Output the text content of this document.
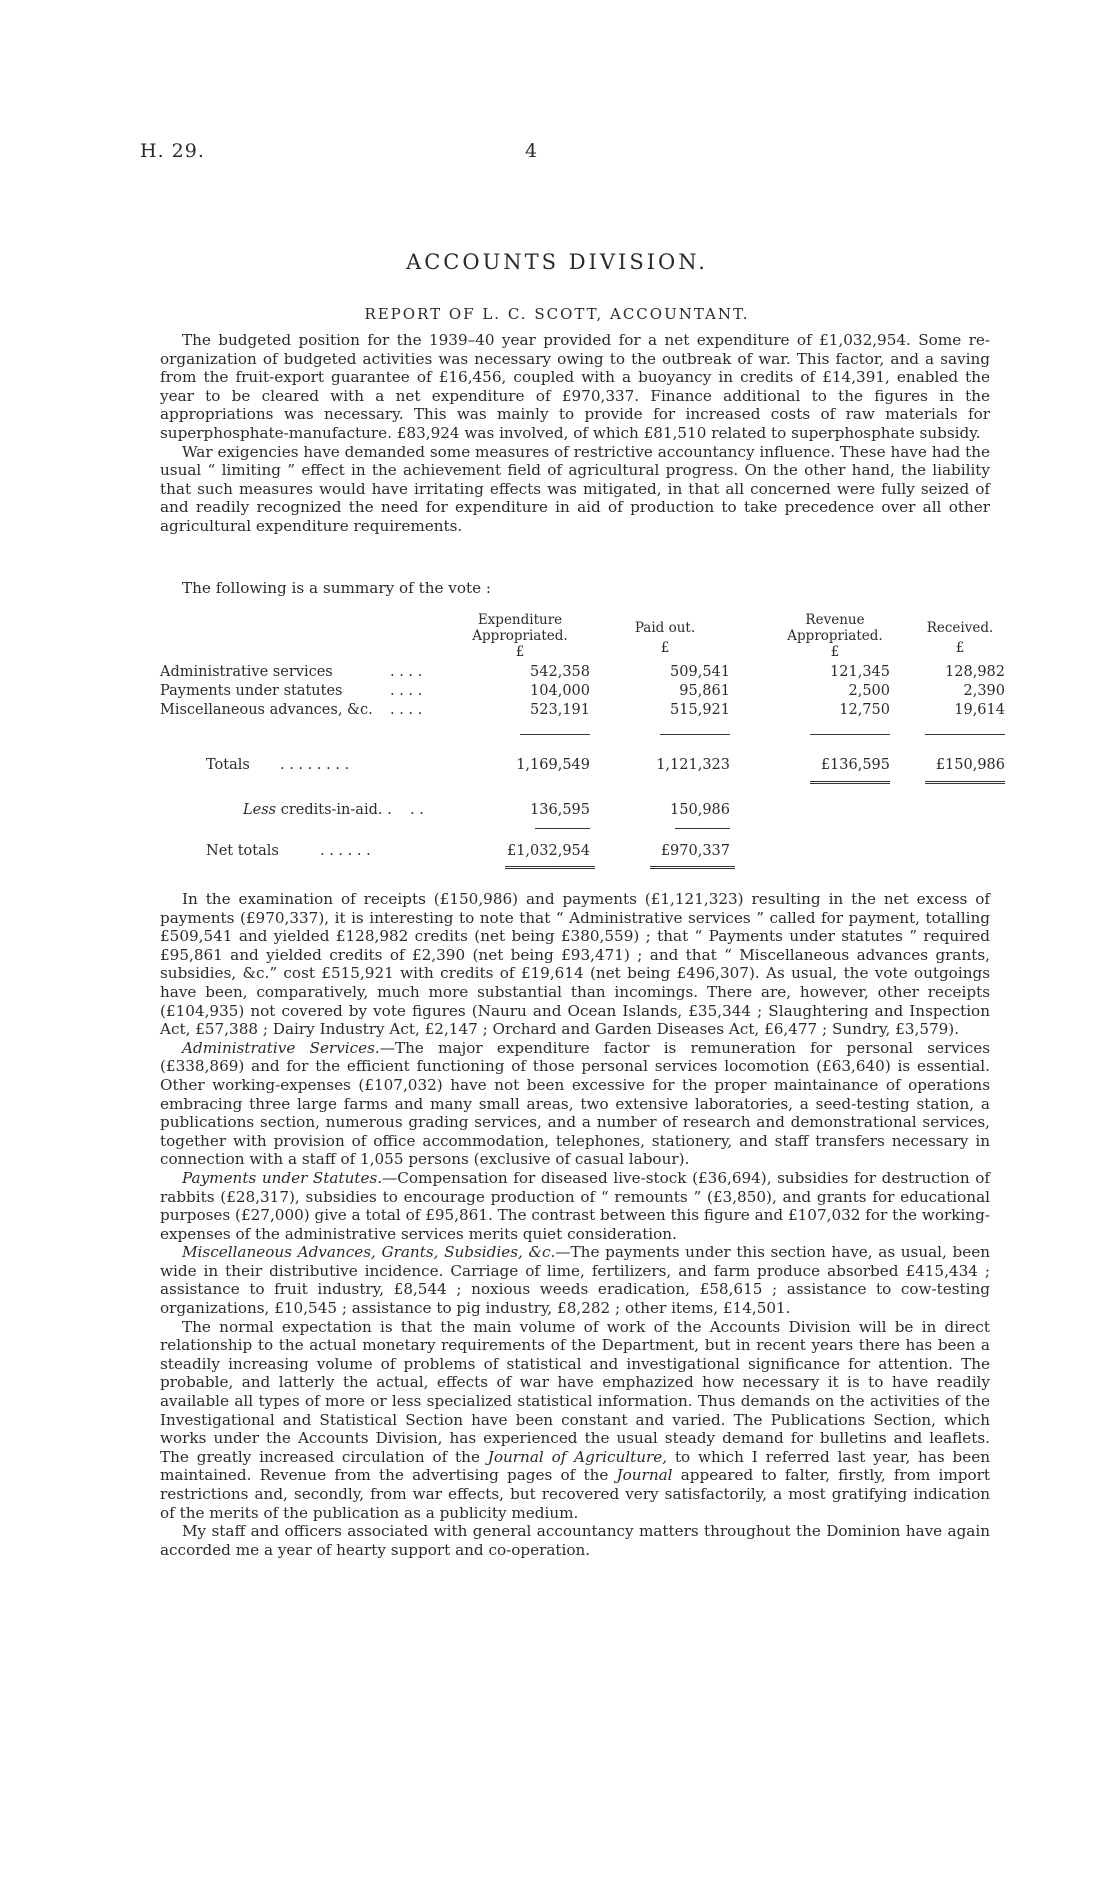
H. 29.	4
ACCOUNTS DIVISION.
REPORT OF L. C. SCOTT, ACCOUNTANT.

The budgeted position for the 1939–40 year provided for a net expenditure of £1,032,954. Some re-organization of budgeted activities was necessary owing to the outbreak of war. This factor, and a saving from the fruit-export guarantee of £16,456, coupled with a buoyancy in credits of £14,391, enabled the year to be cleared with a net expenditure of £970,337. Finance additional to the figures in the appropriations was necessary. This was mainly to provide for increased costs of raw materials for superphosphate-manufacture. £83,924 was involved, of which £81,510 related to superphosphate subsidy.

War exigencies have demanded some measures of restrictive accountancy influence. These have had the usual “ limiting ” effect in the achievement field of agricultural progress. On the other hand, the liability that such measures would have irritating effects was mitigated, in that all concerned were fully seized of and readily recognized the need for expenditure in aid of production to take precedence over all other agricultural expenditure requirements.

The following is a summary of the vote :
Expenditure
Appropriated.
£
Paid out.
£
Revenue
Appropriated.
£
Received.
£
Administrative services	. . . .	542,358	509,541	121,345	128,982
Payments under statutes	. . . .	104,000	95,861	2,500	2,390
Miscellaneous advances, &c. . . . .	523,191	515,921	12,750	19,614
Totals . . . . . . . .	1,169,549	1,121,323	£136,595	£150,986
Less credits-in-aid. . . .	136,595	150,986
Net totals	. . . . . .	£1,032,954	£970,337

In the examination of receipts (£150,986) and payments (£1,121,323) resulting in the net excess of payments (£970,337), it is interesting to note that “ Administrative services ” called for payment, totalling £509,541 and yielded £128,982 credits (net being £380,559) ; that “ Payments under statutes ” required £95,861 and yielded credits of £2,390 (net being £93,471) ; and that “ Miscellaneous advances grants, subsidies, &c.” cost £515,921 with credits of £19,614 (net being £496,307). As usual, the vote outgoings have been, comparatively, much more substantial than incomings. There are, however, other receipts (£104,935) not covered by vote figures (Nauru and Ocean Islands, £35,344 ; Slaughtering and Inspection Act, £57,388 ; Dairy Industry Act, £2,147 ; Orchard and Garden Diseases Act, £6,477 ; Sundry, £3,579).

Administrative Services.—The major expenditure factor is remuneration for personal services (£338,869) and for the efficient functioning of those personal services locomotion (£63,640) is essential. Other working-expenses (£107,032) have not been excessive for the proper maintainance of operations embracing three large farms and many small areas, two extensive laboratories, a seed-testing station, a publications section, numerous grading services, and a number of research and demonstrational services, together with provision of office accommodation, telephones, stationery, and staff transfers necessary in connection with a staff of 1,055 persons (exclusive of casual labour).

Payments under Statutes.—Compensation for diseased live-stock (£36,694), subsidies for destruction of rabbits (£28,317), subsidies to encourage production of “ remounts ” (£3,850), and grants for educational purposes (£27,000) give a total of £95,861. The contrast between this figure and £107,032 for the working-expenses of the administrative services merits quiet consideration.

Miscellaneous Advances, Grants, Subsidies, &c.—The payments under this section have, as usual, been wide in their distributive incidence. Carriage of lime, fertilizers, and farm produce absorbed £415,434 ; assistance to fruit industry, £8,544 ; noxious weeds eradication, £58,615 ; assistance to cow-testing organizations, £10,545 ; assistance to pig industry, £8,282 ; other items, £14,501.

The normal expectation is that the main volume of work of the Accounts Division will be in direct relationship to the actual monetary requirements of the Department, but in recent years there has been a steadily increasing volume of problems of statistical and investigational significance for attention. The probable, and latterly the actual, effects of war have emphazized how necessary it is to have readily available all types of more or less specialized statistical information. Thus demands on the activities of the Investigational and Statistical Section have been constant and varied. The Publications Section, which works under the Accounts Division, has experienced the usual steady demand for bulletins and leaflets. The greatly increased circulation of the Journal of Agriculture, to which I referred last year, has been maintained. Revenue from the advertising pages of the Journal appeared to falter, firstly, from import restrictions and, secondly, from war effects, but recovered very satisfactorily, a most gratifying indication of the merits of the publication as a publicity medium.

My staff and officers associated with general accountancy matters throughout the Dominion have again accorded me a year of hearty support and co-operation.
